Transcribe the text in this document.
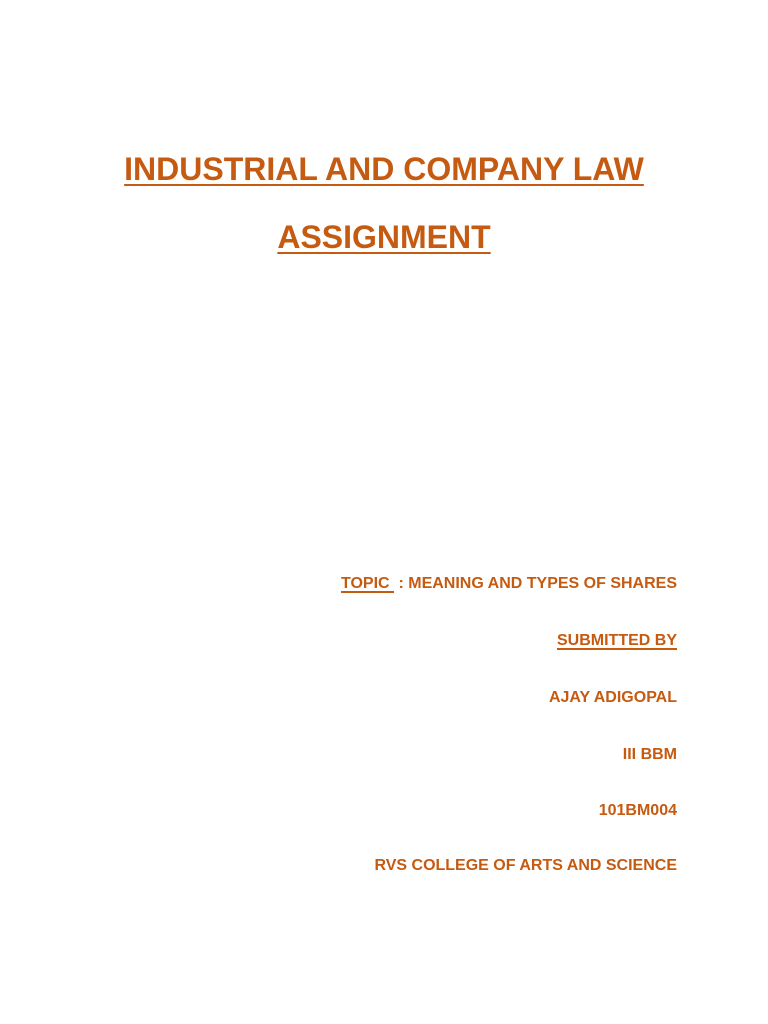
INDUSTRIAL AND COMPANY LAW
ASSIGNMENT
TOPIC  : MEANING AND TYPES OF SHARES
SUBMITTED BY
AJAY ADIGOPAL
III BBM
101BM004
RVS COLLEGE OF ARTS AND SCIENCE
